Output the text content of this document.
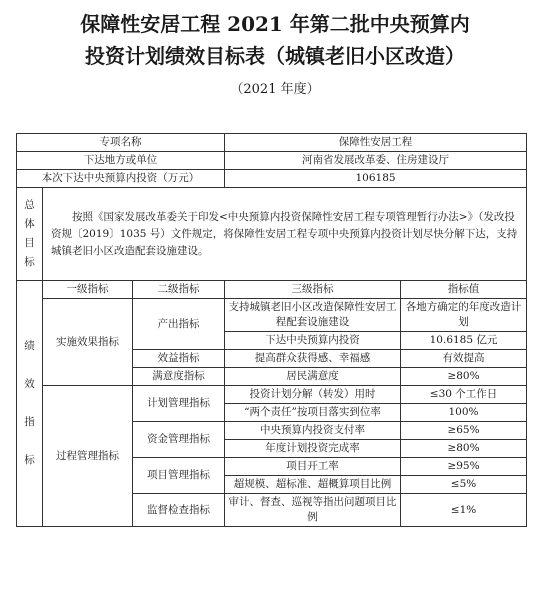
保障性安居工程 2021 年第二批中央预算内

投资计划绩效目标表（城镇老旧小区改造）

（2021 年度）

专项名称			保障性安居工程	
下达地方或单位			河南省发展改革委、住房建设厅	
本次下达中央预算内投资（万元）			106185	

总
体
目
标	按照《国家发展改革委关于印发<中央预算内投资保障性安居工程专项管理暂行办法>》（发改投资规〔2019〕1035 号）文件规定，将保障性安居工程专项中央预算内投资计划尽快分解下达，支持城镇老旧小区改造配套设施建设。			

绩

效

指

标	一级指标	二级指标	三级指标	指标值
	实施效果指标	产出指标	支持城镇老旧小区改造保障性安居工程配套设施建设	各地方确定的年度改造计划
			下达中央预算内投资	10.6185 亿元
		效益指标	提高群众获得感、幸福感	有效提高
		满意度指标	居民满意度	≥80%
	过程管理指标	计划管理指标	投资计划分解（转发）用时	≤30 个工作日
			“两个责任”按项目落实到位率	100%
		资金管理指标	中央预算内投资支付率	≥65%
			年度计划投资完成率	≥80%
		项目管理指标	项目开工率	≥95%
			超规模、超标准、超概算项目比例	≤5%
		监督检查指标	审计、督查、巡视等指出问题项目比例	≤1%
